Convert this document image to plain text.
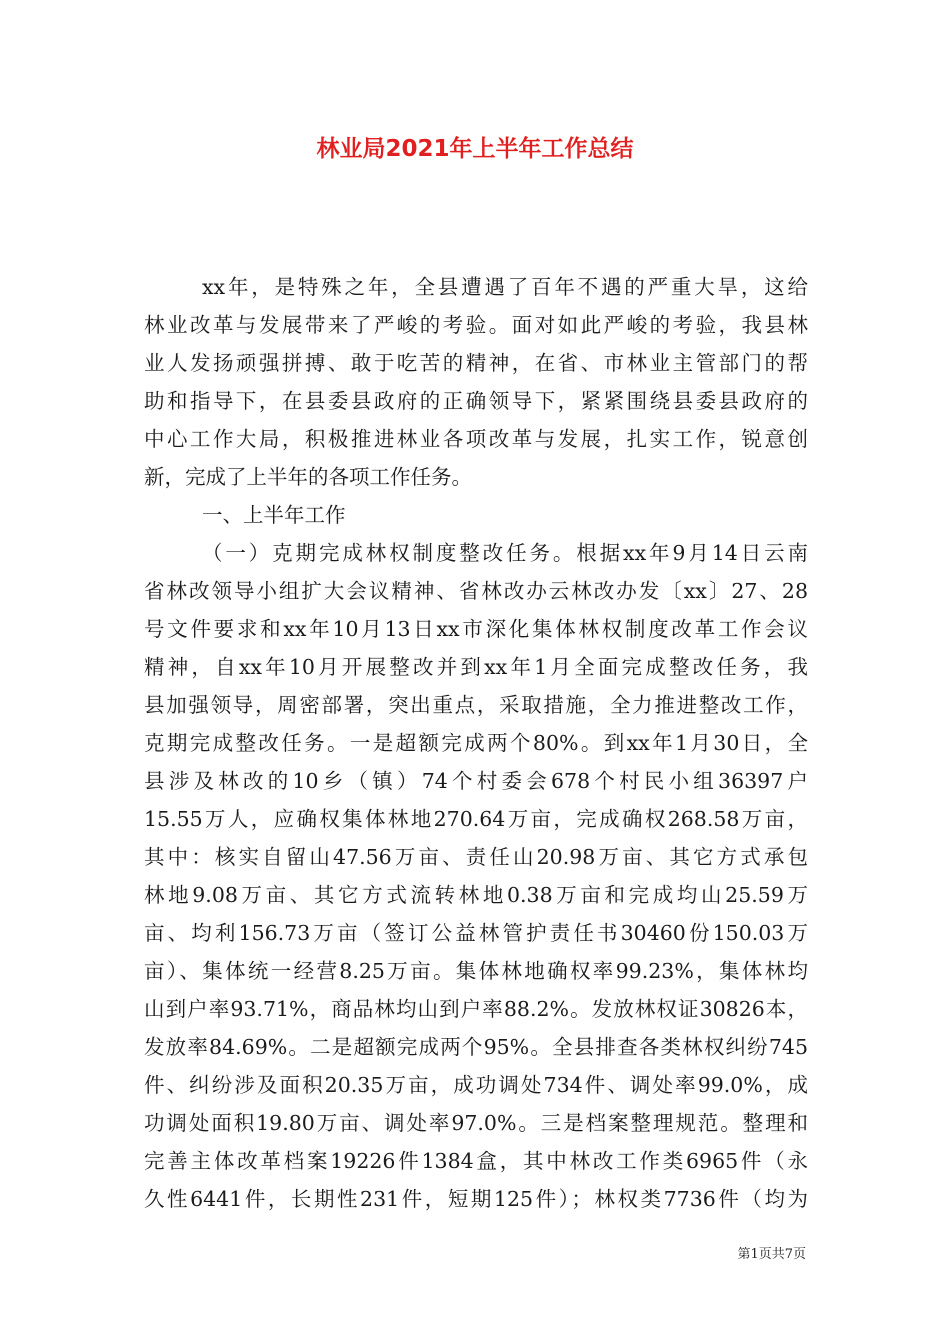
林业局2021年上半年工作总结
xx年，是特殊之年，全县遭遇了百年不遇的严重大旱，这给
林业改革与发展带来了严峻的考验。面对如此严峻的考验，我县林
业人发扬顽强拼搏、敢于吃苦的精神，在省、市林业主管部门的帮
助和指导下，在县委县政府的正确领导下，紧紧围绕县委县政府的
中心工作大局，积极推进林业各项改革与发展，扎实工作，锐意创
新，完成了上半年的各项工作任务。
一、上半年工作
（一）克期完成林权制度整改任务。根据xx年9月14日云南
省林改领导小组扩大会议精神、省林改办云林改办发〔xx〕27、28
号文件要求和xx年10月13日xx市深化集体林权制度改革工作会议
精神，自xx年10月开展整改并到xx年1月全面完成整改任务，我
县加强领导，周密部署，突出重点，采取措施，全力推进整改工作，
克期完成整改任务。一是超额完成两个80%。到xx年1月30日，全
县涉及林改的10乡（镇）74个村委会678个村民小组36397户
15.55万人，应确权集体林地270.64万亩，完成确权268.58万亩，
其中：核实自留山47.56万亩、责任山20.98万亩、其它方式承包
林地9.08万亩、其它方式流转林地0.38万亩和完成均山25.59万
亩、均利156.73万亩（签订公益林管护责任书30460份150.03万
亩）、集体统一经营8.25万亩。集体林地确权率99.23%，集体林均
山到户率93.71%，商品林均山到户率88.2%。发放林权证30826本，
发放率84.69%。二是超额完成两个95%。全县排查各类林权纠纷745
件、纠纷涉及面积20.35万亩，成功调处734件、调处率99.0%，成
功调处面积19.80万亩、调处率97.0%。三是档案整理规范。整理和
完善主体改革档案19226件1384盒，其中林改工作类6965件（永
久性6441件，长期性231件，短期125件）；林权类7736件（均为
第1页共7页
